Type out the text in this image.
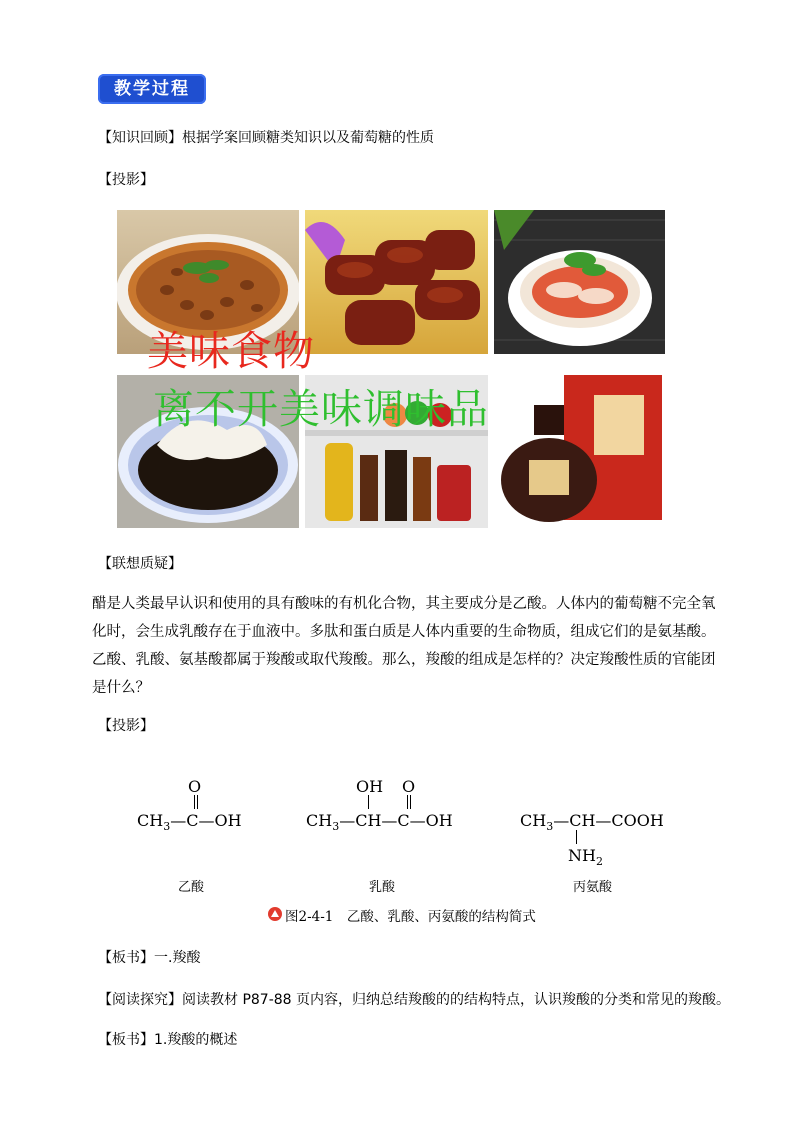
教学过程
【知识回顾】根据学案回顾糖类知识以及葡萄糖的性质
【投影】
美味食物
离不开美味调味品
【联想质疑】

醋是人类最早认识和使用的具有酸味的有机化合物，其主要成分是乙酸。人体内的葡萄糖不完全氧

化时，会生成乳酸存在于血液中。多肽和蛋白质是人体内重要的生命物质，组成它们的是氨基酸。

乙酸、乳酸、氨基酸都属于羧酸或取代羧酸。那么，羧酸的组成是怎样的？决定羧酸性质的官能团

是什么？

【投影】
O
$CH_3—C—OH$
乙酸
OH O
$CH_3—CH—C—OH$
乳酸
$CH_3—CH—COOH$
$NH_2$
丙氨酸
图2-4-1　乙酸、乳酸、丙氨酸的结构简式
【板书】一.羧酸
【阅读探究】阅读教材 P87-88 页内容，归纳总结羧酸的的结构特点，认识羧酸的分类和常见的羧酸。
【板书】1.羧酸的概述
